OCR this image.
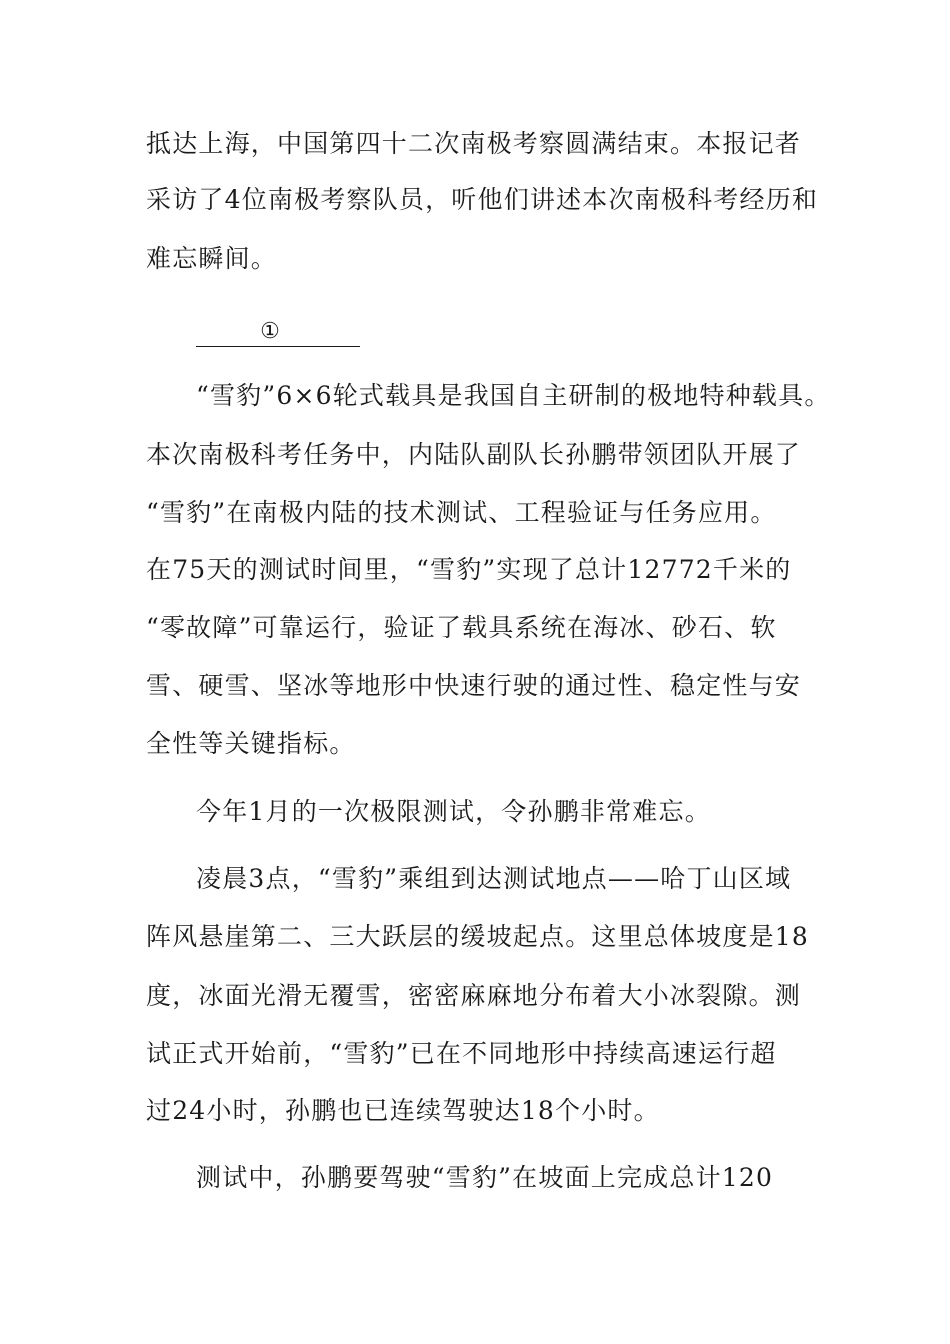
抵达上海，中国第四十二次南极考察圆满结束。本报记者
采访了4位南极考察队员，听他们讲述本次南极科考经历和
难忘瞬间。
①
“雪豹”6×6轮式载具是我国自主研制的极地特种载具。
本次南极科考任务中，内陆队副队长孙鹏带领团队开展了
“雪豹”在南极内陆的技术测试、工程验证与任务应用。
在75天的测试时间里，“雪豹”实现了总计12772千米的
“零故障”可靠运行，验证了载具系统在海冰、砂石、软
雪、硬雪、坚冰等地形中快速行驶的通过性、稳定性与安
全性等关键指标。
今年1月的一次极限测试，令孙鹏非常难忘。
凌晨3点，“雪豹”乘组到达测试地点——哈丁山区域
阵风悬崖第二、三大跃层的缓坡起点。这里总体坡度是18
度，冰面光滑无覆雪，密密麻麻地分布着大小冰裂隙。测
试正式开始前，“雪豹”已在不同地形中持续高速运行超
过24小时，孙鹏也已连续驾驶达18个小时。
测试中，孙鹏要驾驶“雪豹”在坡面上完成总计120
